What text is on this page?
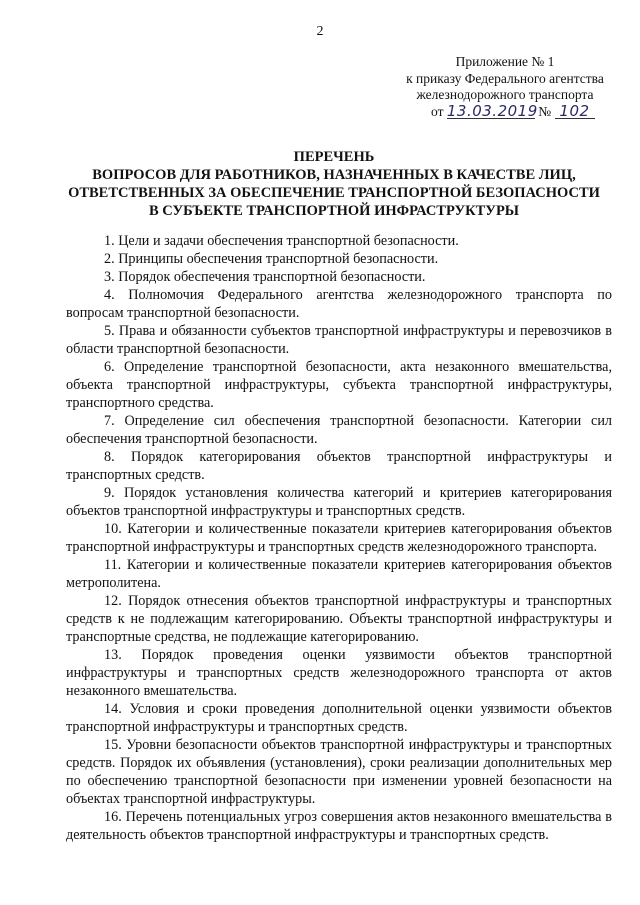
2
Приложение № 1
к приказу Федерального агентства
железнодорожного транспорта
от 13.03.2019 № 102
ПЕРЕЧЕНЬ
ВОПРОСОВ ДЛЯ РАБОТНИКОВ, НАЗНАЧЕННЫХ В КАЧЕСТВЕ ЛИЦ,
ОТВЕТСТВЕННЫХ ЗА ОБЕСПЕЧЕНИЕ ТРАНСПОРТНОЙ БЕЗОПАСНОСТИ
В СУБЪЕКТЕ ТРАНСПОРТНОЙ ИНФРАСТРУКТУРЫ

1. Цели и задачи обеспечения транспортной безопасности.

2. Принципы обеспечения транспортной безопасности.

3. Порядок обеспечения транспортной безопасности.

4. Полномочия Федерального агентства железнодорожного транспорта по вопросам транспортной безопасности.

5. Права и обязанности субъектов транспортной инфраструктуры и перевозчиков в области транспортной безопасности.

6. Определение транспортной безопасности, акта незаконного вмешательства, объекта транспортной инфраструктуры, субъекта транспортной инфраструктуры, транспортного средства.

7. Определение сил обеспечения транспортной безопасности. Категории сил обеспечения транспортной безопасности.

8. Порядок категорирования объектов транспортной инфраструктуры и транспортных средств.

9. Порядок установления количества категорий и критериев категорирования объектов транспортной инфраструктуры и транспортных средств.

10. Категории и количественные показатели критериев категорирования объектов транспортной инфраструктуры и транспортных средств железнодорожного транспорта.

11. Категории и количественные показатели критериев категорирования объектов метрополитена.

12. Порядок отнесения объектов транспортной инфраструктуры и транспортных средств к не подлежащим категорированию. Объекты транспортной инфраструктуры и транспортные средства, не подлежащие категорированию.

13. Порядок проведения оценки уязвимости объектов транспортной инфраструктуры и транспортных средств железнодорожного транспорта от актов незаконного вмешательства.

14. Условия и сроки проведения дополнительной оценки уязвимости объектов транспортной инфраструктуры и транспортных средств.

15. Уровни безопасности объектов транспортной инфраструктуры и транспортных средств. Порядок их объявления (установления), сроки реализации дополнительных мер по обеспечению транспортной безопасности при изменении уровней безопасности на объектах транспортной инфраструктуры.

16. Перечень потенциальных угроз совершения актов незаконного вмешательства в деятельность объектов транспортной инфраструктуры и транспортных средств.
